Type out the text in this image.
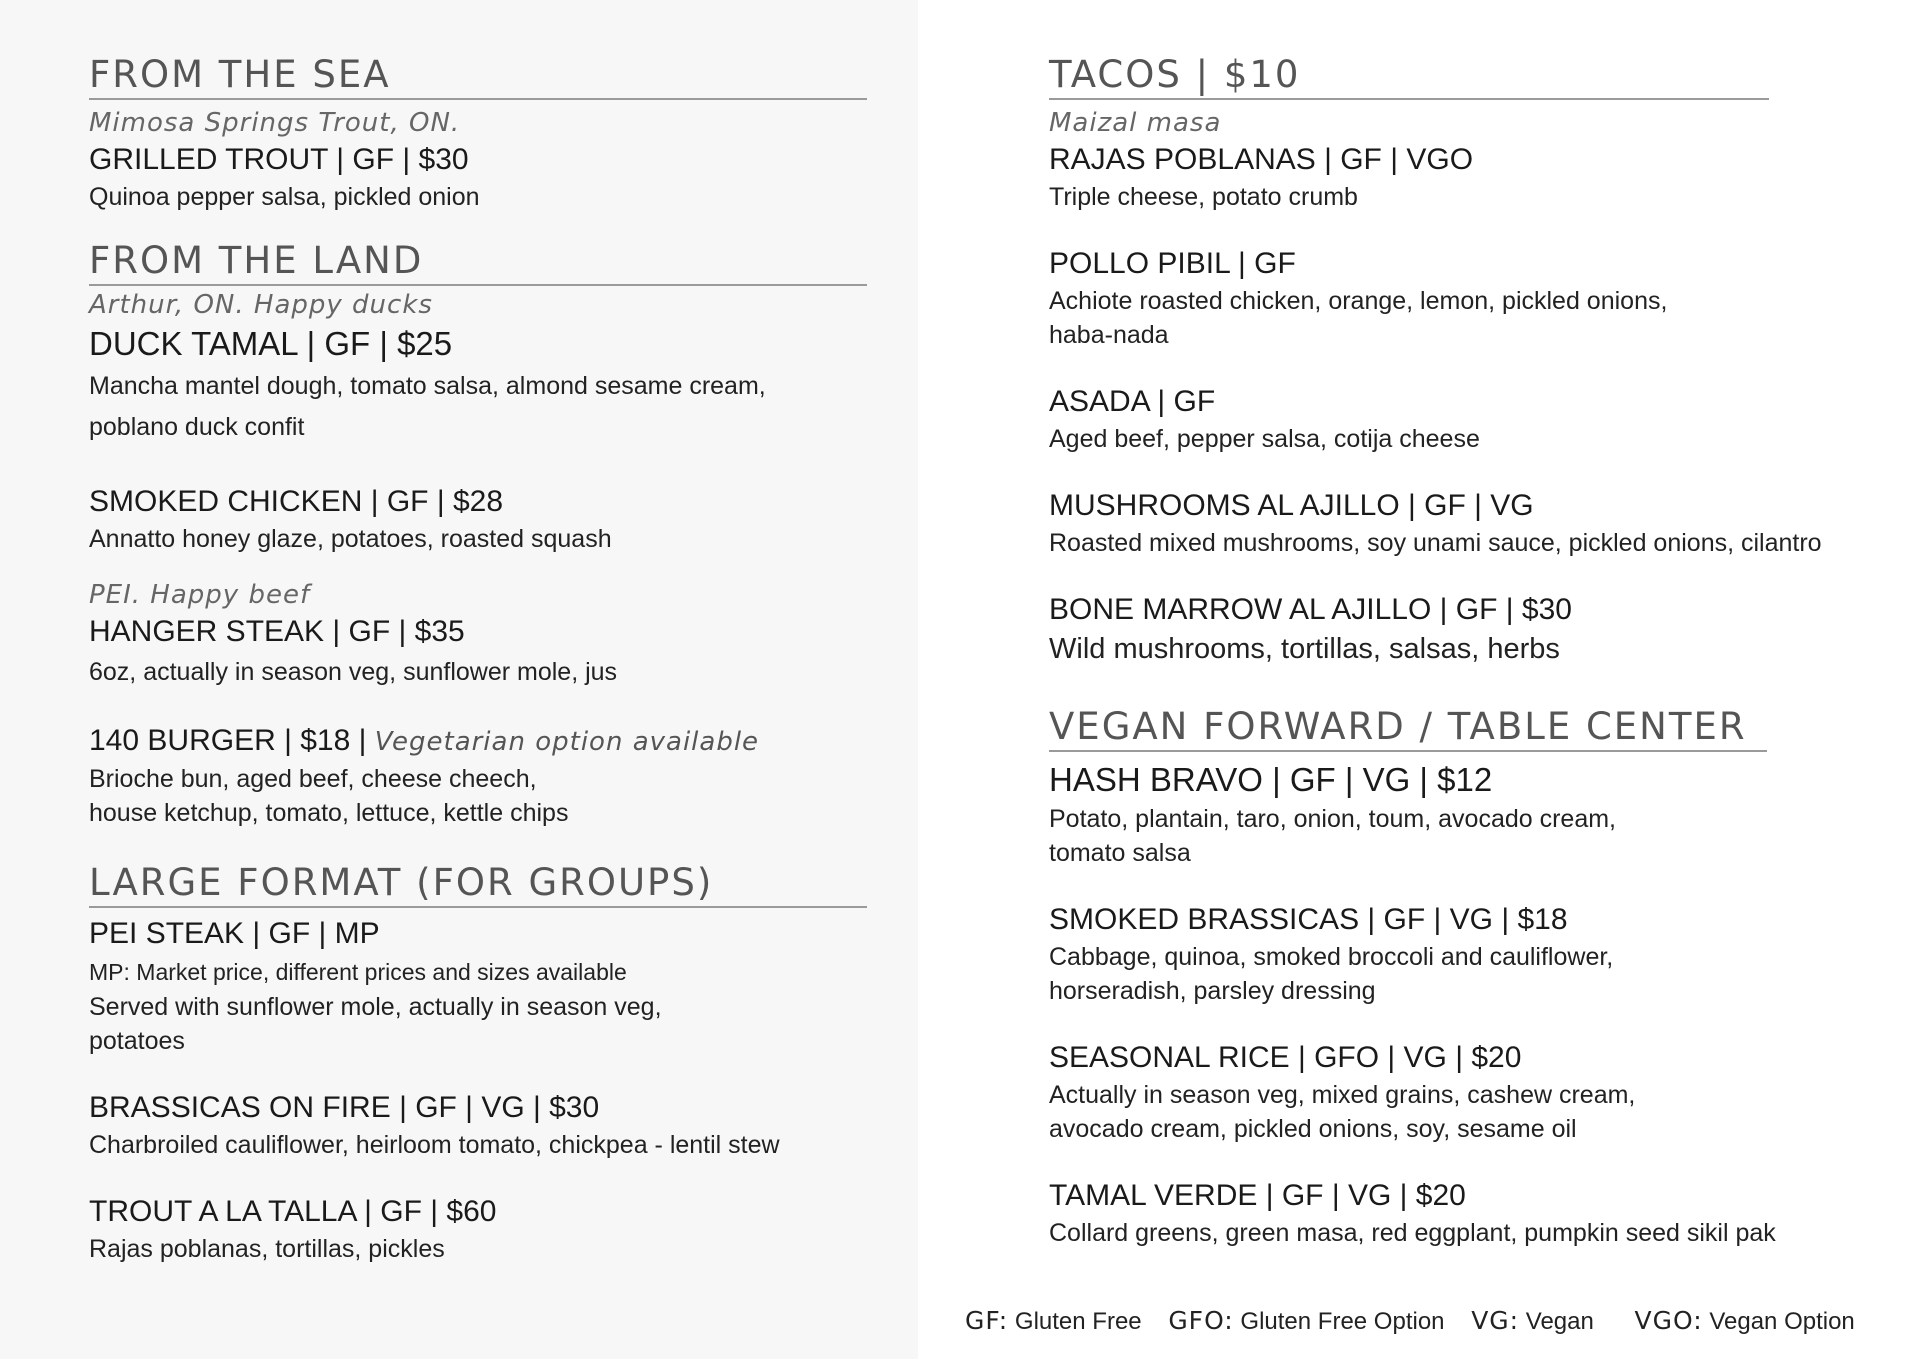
FROM THE SEA
Mimosa Springs Trout, ON.
GRILLED TROUT | GF | $30
Quinoa pepper salsa, pickled onion
FROM THE LAND
Arthur, ON. Happy ducks
DUCK TAMAL | GF | $25
Mancha mantel dough, tomato salsa, almond sesame cream,
poblano duck confit
SMOKED CHICKEN | GF | $28
Annatto honey glaze, potatoes, roasted squash
PEI. Happy beef
HANGER STEAK | GF | $35
6oz, actually in season veg, sunflower mole, jus
140 BURGER | $18 | Vegetarian option available
Brioche bun, aged beef, cheese cheech,
house ketchup, tomato, lettuce, kettle chips
LARGE FORMAT (FOR GROUPS)
PEI STEAK | GF | MP
MP: Market price, different prices and sizes available
Served with sunflower mole, actually in season veg,
potatoes
BRASSICAS ON FIRE | GF | VG | $30
Charbroiled cauliflower, heirloom tomato, chickpea - lentil stew
TROUT A LA TALLA | GF | $60
Rajas poblanas, tortillas, pickles
TACOS | $10
Maizal masa
RAJAS POBLANAS | GF | VGO
Triple cheese, potato crumb
POLLO PIBIL | GF
Achiote roasted chicken, orange, lemon, pickled onions,
haba-nada
ASADA | GF
Aged beef, pepper salsa, cotija cheese
MUSHROOMS AL AJILLO | GF | VG
Roasted mixed mushrooms, soy unami sauce, pickled onions, cilantro
BONE MARROW AL AJILLO | GF | $30
Wild mushrooms, tortillas, salsas, herbs
VEGAN FORWARD / TABLE CENTER
HASH BRAVO | GF | VG | $12
Potato, plantain, taro, onion, toum, avocado cream,
tomato salsa
SMOKED BRASSICAS | GF | VG | $18
Cabbage, quinoa, smoked broccoli and cauliflower,
horseradish, parsley dressing
SEASONAL RICE | GFO | VG | $20
Actually in season veg, mixed grains, cashew cream,
avocado cream, pickled onions, soy, sesame oil
TAMAL VERDE | GF | VG | $20
Collard greens, green masa, red eggplant, pumpkin seed sikil pak
GF: Gluten Free GFO: Gluten Free Option VG: Vegan VGO: Vegan Option
